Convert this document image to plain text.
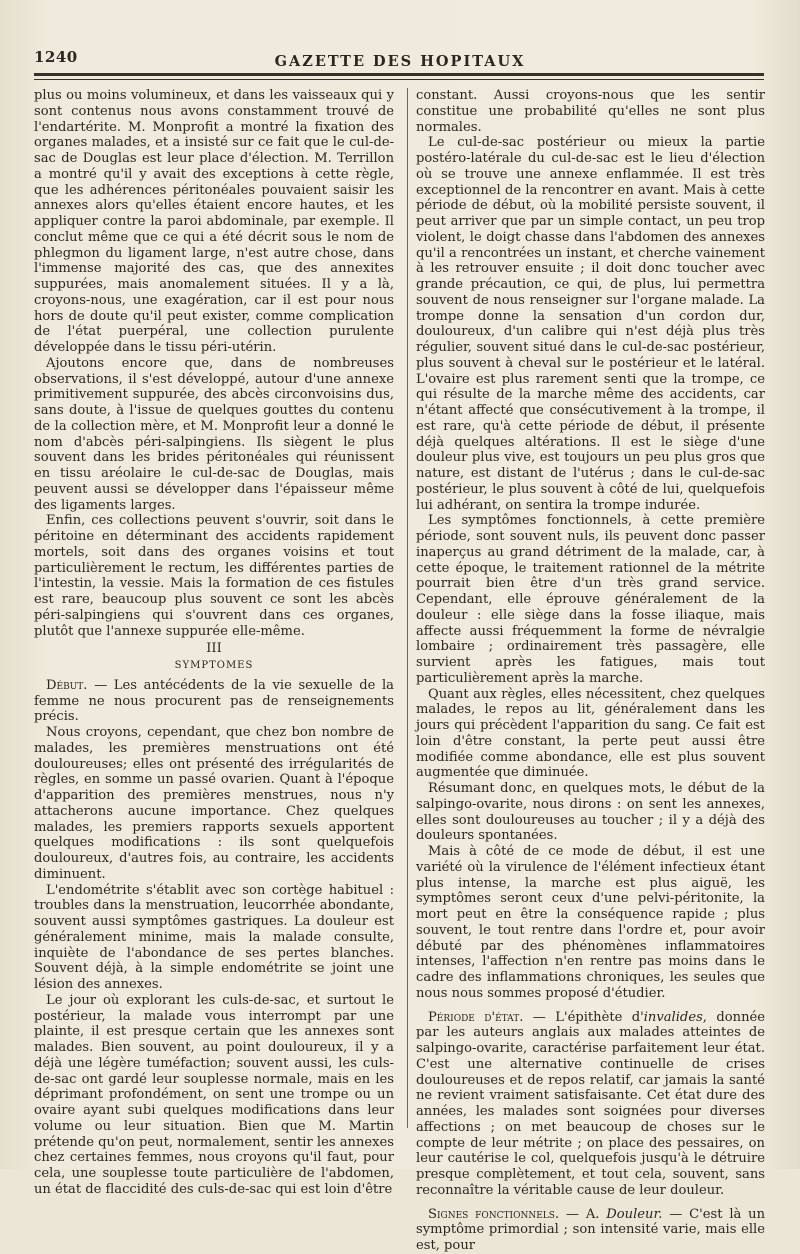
1240	GAZETTE DES HOPITAUX

plus ou moins volumineux, et dans les vaisseaux qui y sont contenus nous avons constamment trouvé de l'endartérite. M. Monprofit a montré la fixation des organes malades, et a insisté sur ce fait que le cul-de-sac de Douglas est leur place d'élection. M. Terrillon a montré qu'il y avait des exceptions à cette règle, que les adhérences péritonéales pouvaient saisir les annexes alors qu'elles étaient encore hautes, et les appliquer contre la paroi abdominale, par exemple. Il conclut même que ce qui a été décrit sous le nom de phlegmon du ligament large, n'est autre chose, dans l'immense majorité des cas, que des annexites suppurées, mais anomalement situées. Il y a là, croyons-nous, une exagération, car il est pour nous hors de doute qu'il peut exister, comme complication de l'état puerpéral, une collection purulente développée dans le tissu péri-utérin.

Ajoutons encore que, dans de nombreuses observations, il s'est développé, autour d'une annexe primitivement suppurée, des abcès circonvoisins dus, sans doute, à l'issue de quelques gouttes du contenu de la collection mère, et M. Monprofit leur a donné le nom d'abcès péri-salpingiens. Ils siègent le plus souvent dans les brides péritonéales qui réunissent en tissu aréolaire le cul-de-sac de Douglas, mais peuvent aussi se développer dans l'épaisseur même des ligaments larges.

Enfin, ces collections peuvent s'ouvrir, soit dans le péritoine en déterminant des accidents rapidement mortels, soit dans des organes voisins et tout particulièrement le rectum, les différentes parties de l'intestin, la vessie. Mais la formation de ces fistules est rare, beaucoup plus souvent ce sont les abcès péri-salpingiens qui s'ouvrent dans ces organes, plutôt que l'annexe suppurée elle-même.

III
SYMPTOMES

Début. — Les antécédents de la vie sexuelle de la femme ne nous procurent pas de renseignements précis.

Nous croyons, cependant, que chez bon nombre de malades, les premières menstruations ont été douloureuses; elles ont présenté des irrégularités de règles, en somme un passé ovarien. Quant à l'époque d'apparition des premières menstrues, nous n'y attacherons aucune importance. Chez quelques malades, les premiers rapports sexuels apportent quelques modifications : ils sont quelquefois douloureux, d'autres fois, au contraire, les accidents diminuent.

L'endométrite s'établit avec son cortège habituel : troubles dans la menstruation, leucorrhée abondante, souvent aussi symptômes gastriques. La douleur est généralement minime, mais la malade consulte, inquiète de l'abondance de ses pertes blanches. Souvent déjà, à la simple endométrite se joint une lésion des annexes.

Le jour où explorant les culs-de-sac, et surtout le postérieur, la malade vous interrompt par une plainte, il est presque certain que les annexes sont malades. Bien souvent, au point douloureux, il y a déjà une légère tuméfaction; souvent aussi, les culs-de-sac ont gardé leur souplesse normale, mais en les déprimant profondément, on sent une trompe ou un ovaire ayant subi quelques modifications dans leur volume ou leur situation. Bien que M. Martin prétende qu'on peut, normalement, sentir les annexes chez certaines femmes, nous croyons qu'il faut, pour cela, une souplesse toute particulière de l'abdomen, un état de flaccidité des culs-de-sac qui est loin d'être

constant. Aussi croyons-nous que les sentir constitue une probabilité qu'elles ne sont plus normales.

Le cul-de-sac postérieur ou mieux la partie postéro-latérale du cul-de-sac est le lieu d'élection où se trouve une annexe enflammée. Il est très exceptionnel de la rencontrer en avant. Mais à cette période de début, où la mobilité persiste souvent, il peut arriver que par un simple contact, un peu trop violent, le doigt chasse dans l'abdomen des annexes qu'il a rencontrées un instant, et cherche vainement à les retrouver ensuite ; il doit donc toucher avec grande précaution, ce qui, de plus, lui permettra souvent de nous renseigner sur l'organe malade. La trompe donne la sensation d'un cordon dur, douloureux, d'un calibre qui n'est déjà plus très régulier, souvent situé dans le cul-de-sac postérieur, plus souvent à cheval sur le postérieur et le latéral. L'ovaire est plus rarement senti que la trompe, ce qui résulte de la marche même des accidents, car n'étant affecté que consécutivement à la trompe, il est rare, qu'à cette période de début, il présente déjà quelques altérations. Il est le siège d'une douleur plus vive, est toujours un peu plus gros que nature, est distant de l'utérus ; dans le cul-de-sac postérieur, le plus souvent à côté de lui, quelquefois lui adhérant, on sentira la trompe indurée.

Les symptômes fonctionnels, à cette première période, sont souvent nuls, ils peuvent donc passer inaperçus au grand détriment de la malade, car, à cette époque, le traitement rationnel de la métrite pourrait bien être d'un très grand service. Cependant, elle éprouve généralement de la douleur : elle siège dans la fosse iliaque, mais affecte aussi fréquemment la forme de névralgie lombaire ; ordinairement très passagère, elle survient après les fatigues, mais tout particulièrement après la marche.

Quant aux règles, elles nécessitent, chez quelques malades, le repos au lit, généralement dans les jours qui précèdent l'apparition du sang. Ce fait est loin d'être constant, la perte peut aussi être modifiée comme abondance, elle est plus souvent augmentée que diminuée.

Résumant donc, en quelques mots, le début de la salpingo-ovarite, nous dirons : on sent les annexes, elles sont douloureuses au toucher ; il y a déjà des douleurs spontanées.

Mais à côté de ce mode de début, il est une variété où la virulence de l'élément infectieux étant plus intense, la marche est plus aiguë, les symptômes seront ceux d'une pelvi-péritonite, la mort peut en être la conséquence rapide ; plus souvent, le tout rentre dans l'ordre et, pour avoir débuté par des phénomènes inflammatoires intenses, l'affection n'en rentre pas moins dans le cadre des inflammations chroniques, les seules que nous nous sommes proposé d'étudier.

Période d'état. — L'épithète d'invalides, donnée par les auteurs anglais aux malades atteintes de salpingo-ovarite, caractérise parfaitement leur état. C'est une alternative continuelle de crises douloureuses et de repos relatif, car jamais la santé ne revient vraiment satisfaisante. Cet état dure des années, les malades sont soignées pour diverses affections ; on met beaucoup de choses sur le compte de leur métrite ; on place des pessaires, on leur cautérise le col, quelquefois jusqu'à le détruire presque complètement, et tout cela, souvent, sans reconnaître la véritable cause de leur douleur.

Signes fonctionnels. — A. Douleur. — C'est là un symptôme primordial ; son intensité varie, mais elle est, pour
